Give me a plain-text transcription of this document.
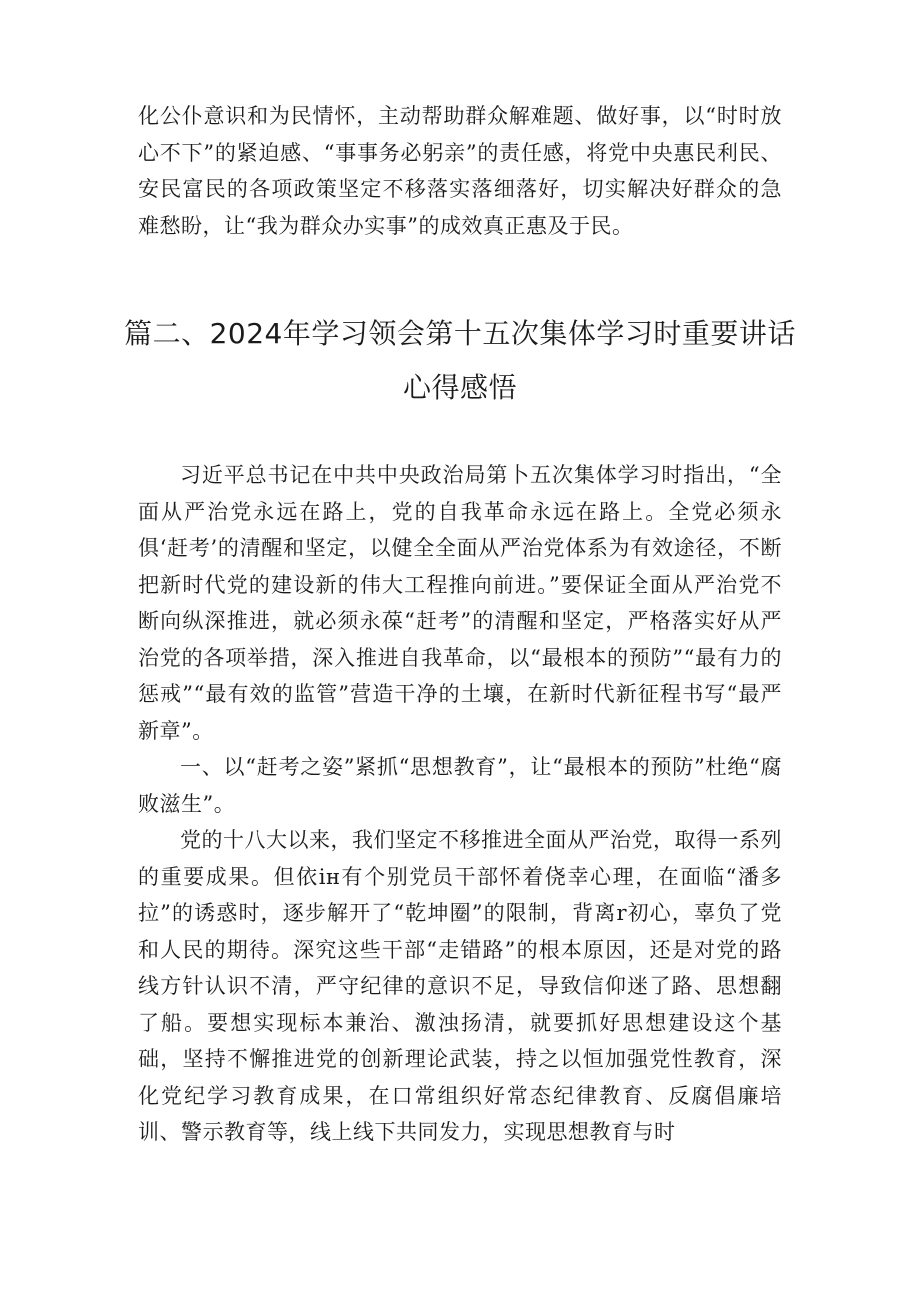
化公仆意识和为民情怀，主动帮助群众解难题、做好事，以“时时放心不下”的紧迫感、“事事务必躬亲”的责任感，将党中央惠民利民、安民富民的各项政策坚定不移落实落细落好，切实解决好群众的急难愁盼，让“我为群众办实事”的成效真正惠及于民。
篇二、2024年学习领会第十五次集体学习时重要讲话心得感悟

习近平总书记在中共中央政治局第卜五次集体学习时指出，“全面从严治党永远在路上，党的自我革命永远在路上。全党必须永俱‘赶考’的清醒和坚定，以健全全面从严治党体系为有效途径，不断把新时代党的建设新的伟大工程推向前进。”要保证全面从严治党不断向纵深推进，就必须永葆“赶考”的清醒和坚定，严格落实好从严治党的各项举措，深入推进自我革命，以“最根本的预防”“最有力的惩戒”“最有效的监管”营造干净的土壤，在新时代新征程书写“最严新章”。

一、以“赶考之姿”紧抓“思想教育”，让“最根本的预防”杜绝“腐败滋生”。

党的十八大以来，我们坚定不移推进全面从严治党，取得一系列的重要成果。但依ін有个别党员干部怀着侥幸心理，在面临“潘多拉”的诱惑时，逐步解开了“乾坤圈”的限制，背离r初心，辜负了党和人民的期待。深究这些干部“走错路”的根本原因，还是对党的路线方针认识不清，严守纪律的意识不足，导致信仰迷了路、思想翻了船。要想实现标本兼治、激浊扬清，就要抓好思想建设这个基础，坚持不懈推进党的创新理论武装，持之以恒加强党性教育，深化党纪学习教育成果，在口常组织好常态纪律教育、反腐倡廉培训、警示教育等，线上线下共同发力，实现思想教育与时
